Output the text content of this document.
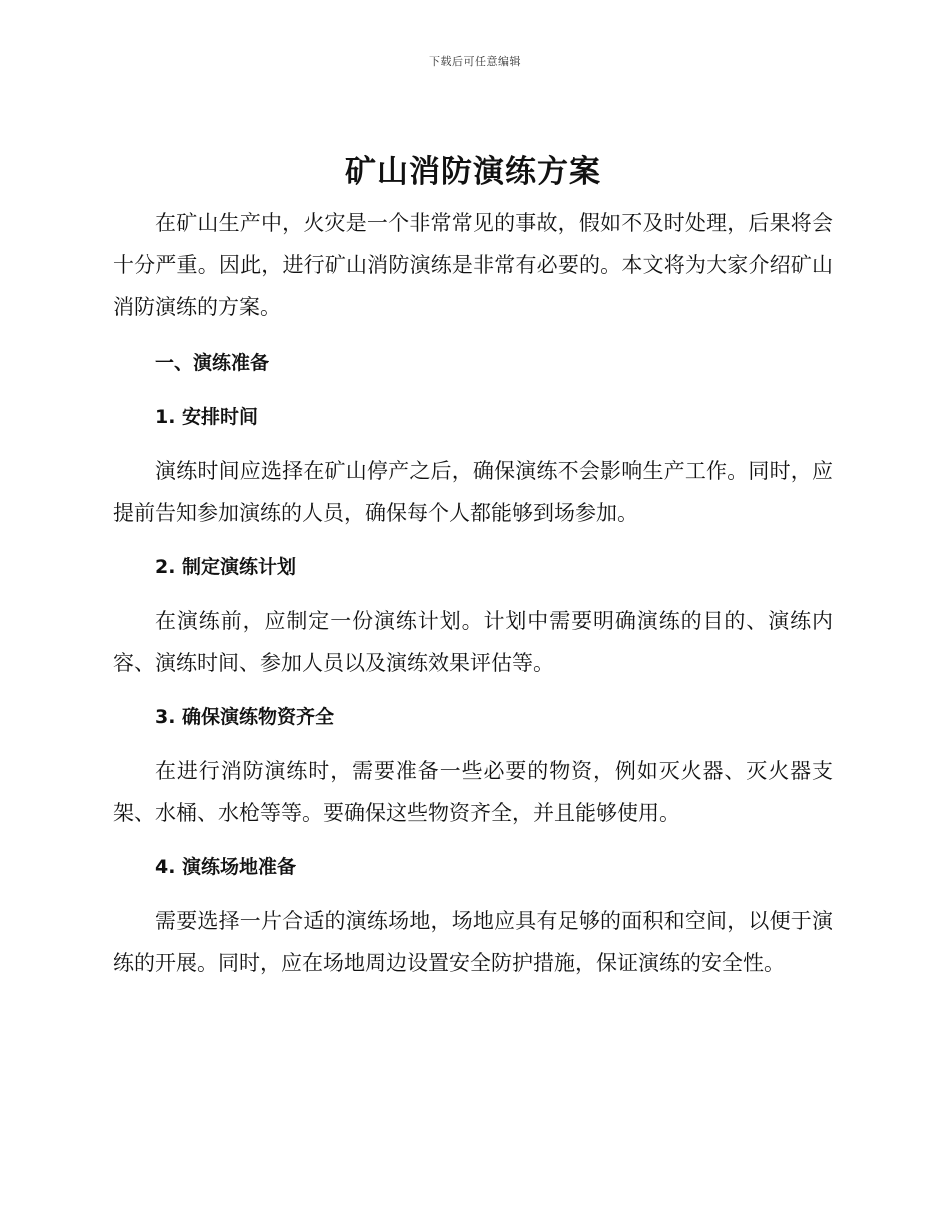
下载后可任意编辑
矿山消防演练方案

在矿山生产中，火灾是一个非常常见的事故，假如不及时处理，后果将会十分严重。因此，进行矿山消防演练是非常有必要的。本文将为大家介绍矿山消防演练的方案。

一、演练准备
1. 安排时间

演练时间应选择在矿山停产之后，确保演练不会影响生产工作。同时，应提前告知参加演练的人员，确保每个人都能够到场参加。

2. 制定演练计划

在演练前，应制定一份演练计划。计划中需要明确演练的目的、演练内容、演练时间、参加人员以及演练效果评估等。

3. 确保演练物资齐全

在进行消防演练时，需要准备一些必要的物资，例如灭火器、灭火器支架、水桶、水枪等等。要确保这些物资齐全，并且能够使用。

4. 演练场地准备

需要选择一片合适的演练场地，场地应具有足够的面积和空间，以便于演练的开展。同时，应在场地周边设置安全防护措施，保证演练的安全性。
